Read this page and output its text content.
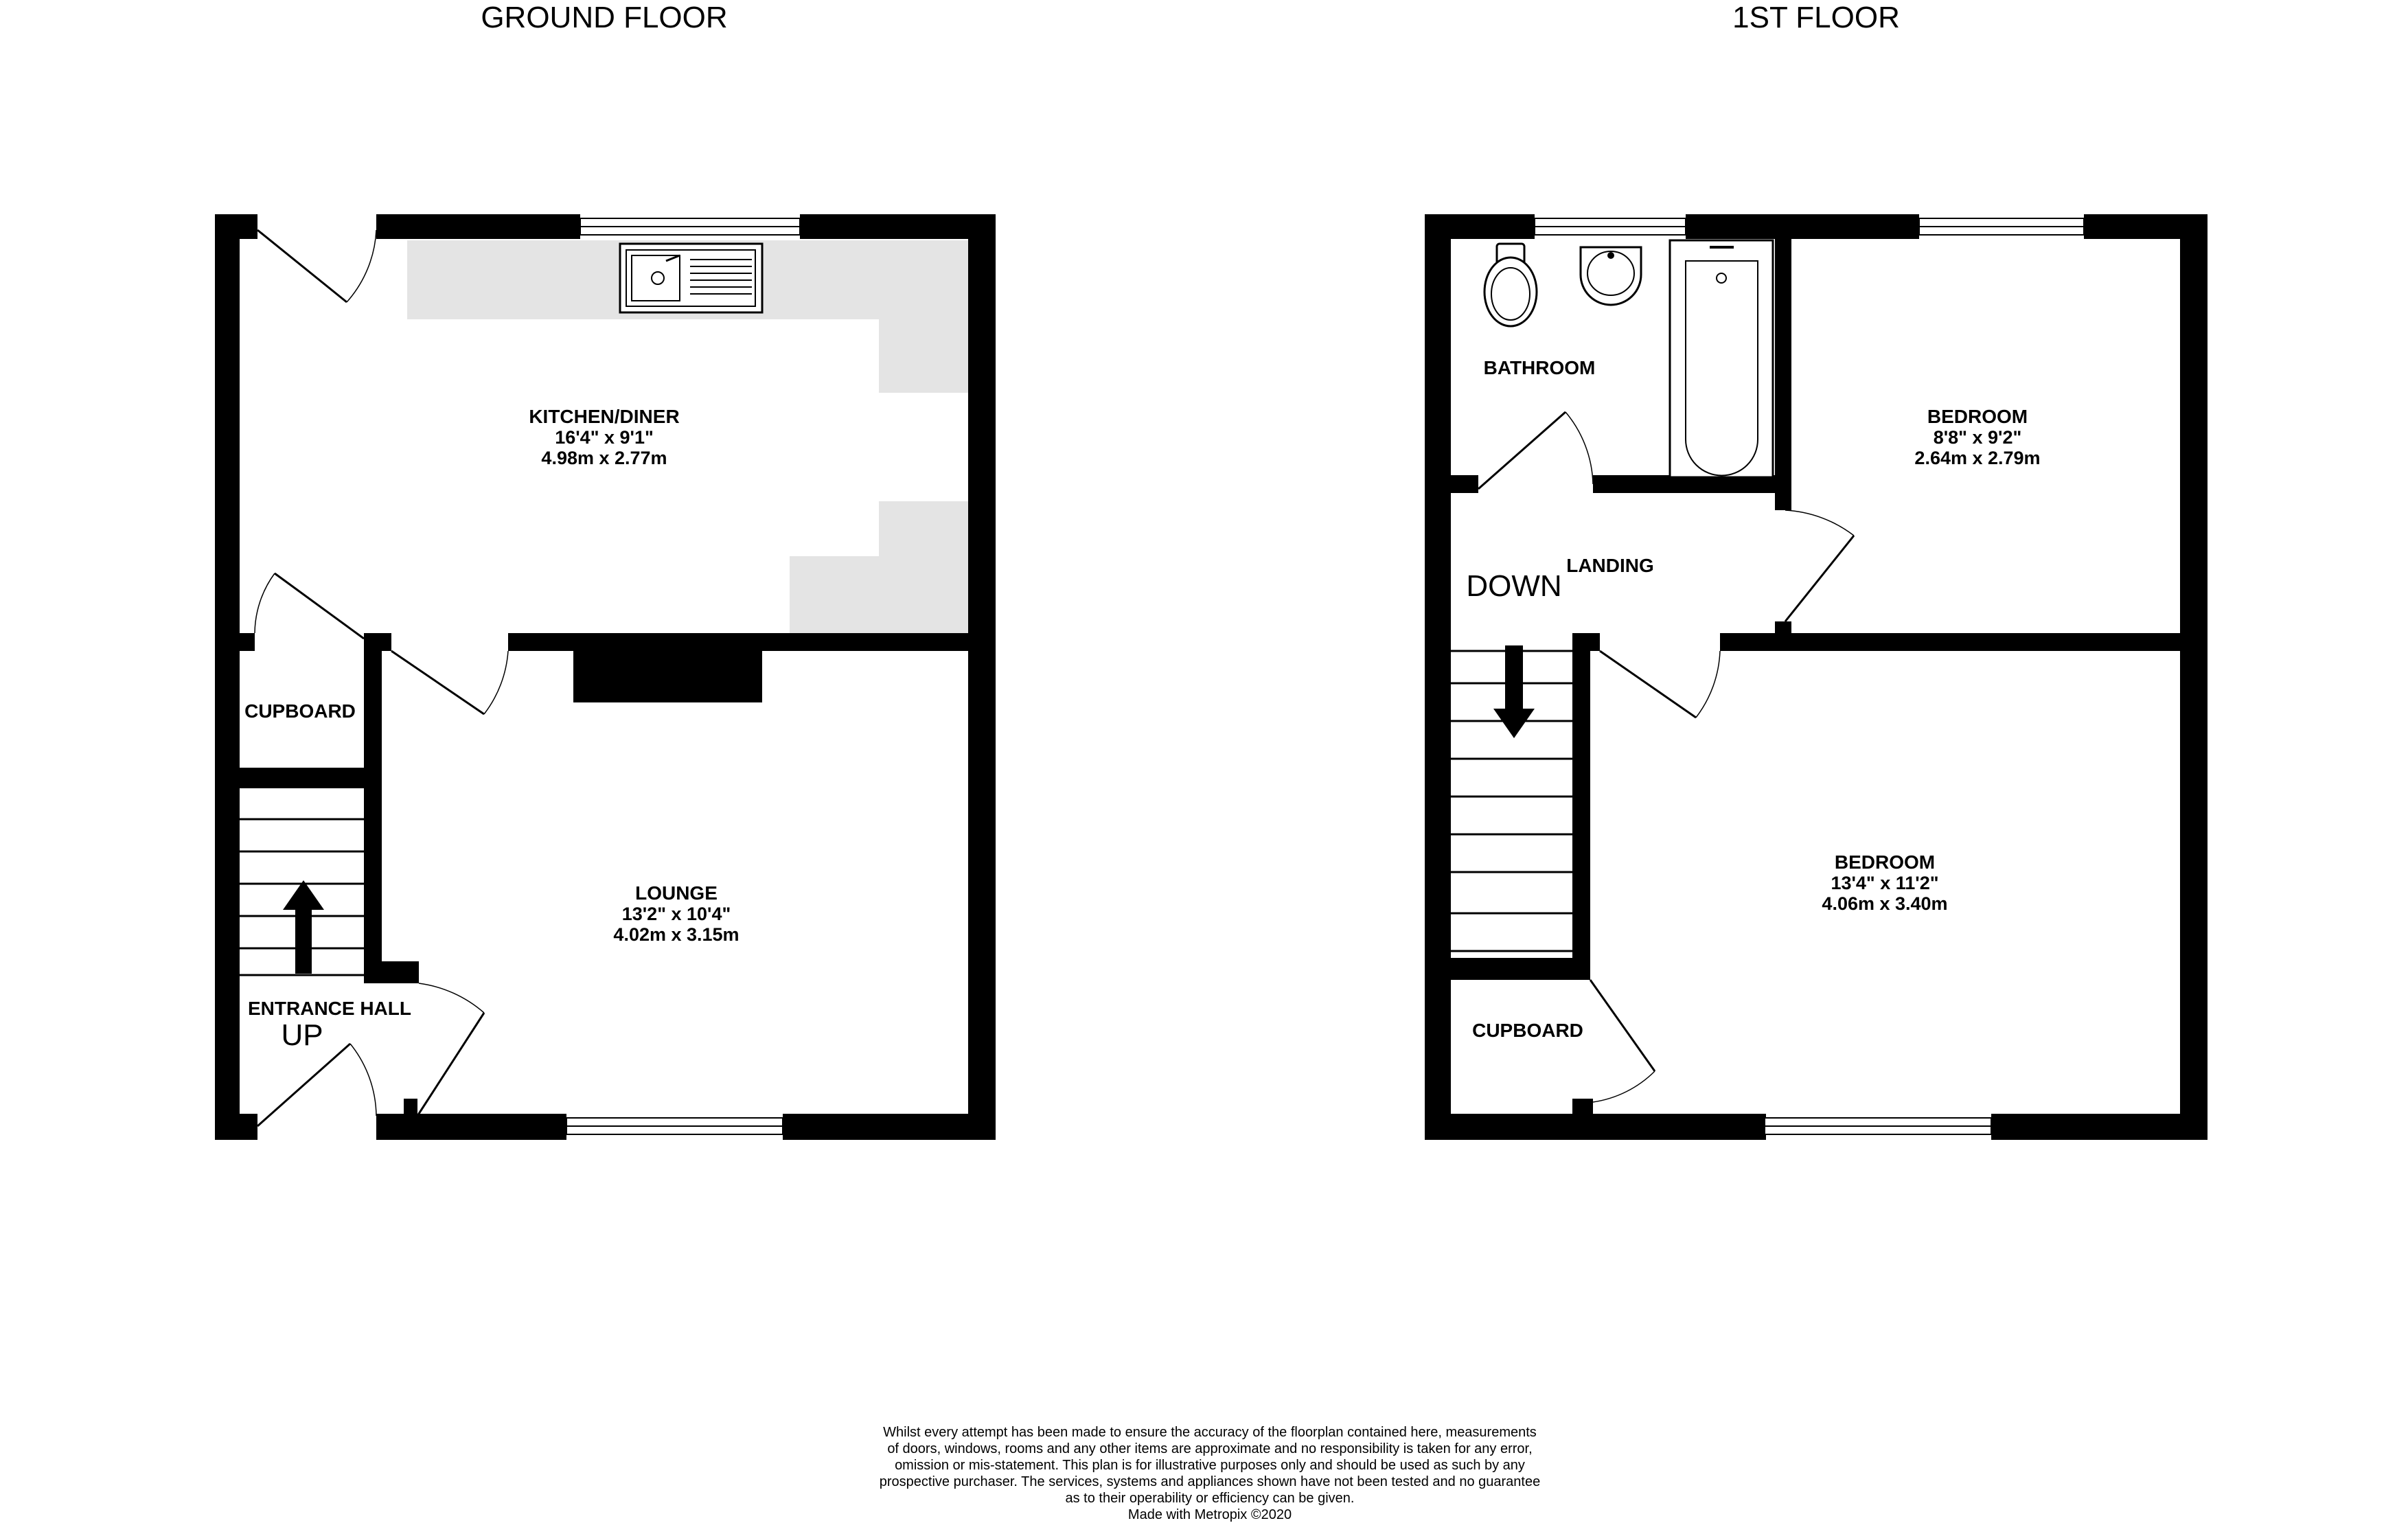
GROUND FLOOR
KITCHEN/DINER
16'4" x 9'1"
4.98m x 2.77m
CUPBOARD
LOUNGE
13'2" x 10'4"
4.02m x 3.15m
ENTRANCE HALL
UP
1ST FLOOR
BATHROOM
BEDROOM
8'8" x 9'2"
2.64m x 2.79m
LANDING
DOWN
BEDROOM
13'4" x 11'2"
4.06m x 3.40m
CUPBOARD
Whilst every attempt has been made to ensure the accuracy of the floorplan contained here, measurements
of doors, windows, rooms and any other items are approximate and no responsibility is taken for any error,
omission or mis-statement. This plan is for illustrative purposes only and should be used as such by any
prospective purchaser. The services, systems and appliances shown have not been tested and no guarantee
as to their operability or efficiency can be given.
Made with Metropix ©2020
